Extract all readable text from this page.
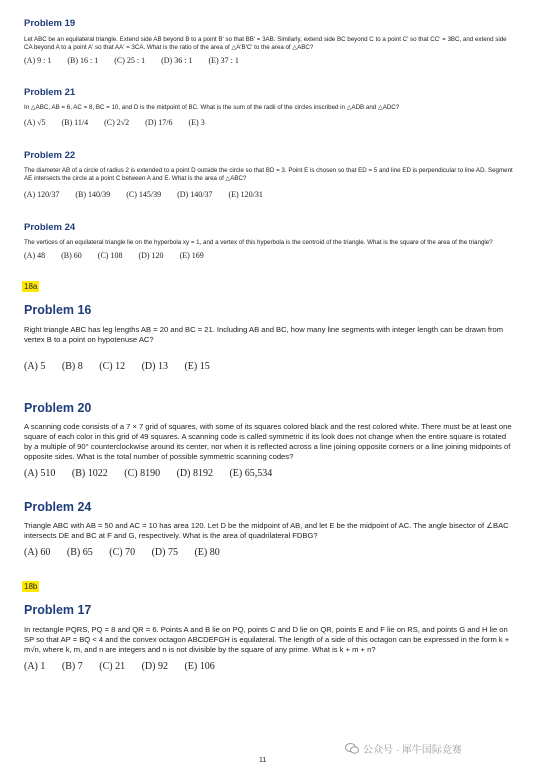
Problem 19
Let ABC be an equilateral triangle. Extend side AB beyond B to a point B′ so that BB′ = 3AB. Similarly, extend side BC beyond C to a point C′ so that CC′ = 3BC, and extend side CA beyond A to a point A′ so that AA′ = 3CA. What is the ratio of the area of △A′B′C′ to the area of △ABC?
(A) 9 : 1 (B) 16 : 1 (C) 25 : 1 (D) 36 : 1 (E) 37 : 1
Problem 21
In △ABC, AB = 6, AC = 8, BC = 10, and D is the midpoint of BC. What is the sum of the radii of the circles inscribed in △ADB and △ADC?
(A) √5 (B) 11/4 (C) 2√2 (D) 17/6 (E) 3
Problem 22
The diameter AB of a circle of radius 2 is extended to a point D outside the circle so that BD = 3. Point E is chosen so that ED = 5 and line ED is perpendicular to line AD. Segment AE intersects the circle at a point C between A and E. What is the area of △ABC?
(A) 120/37 (B) 140/39 (C) 145/39 (D) 140/37 (E) 120/31
Problem 24
The vertices of an equilateral triangle lie on the hyperbola xy = 1, and a vertex of this hyperbola is the centroid of the triangle. What is the square of the area of the triangle?
(A) 48 (B) 60 (C) 108 (D) 120 (E) 169
18a
Problem 16
Right triangle ABC has leg lengths AB = 20 and BC = 21. Including AB and BC, how many line segments with integer length can be drawn from vertex B to a point on hypotenuse AC?
(A) 5 (B) 8 (C) 12 (D) 13 (E) 15
Problem 20
A scanning code consists of a 7 × 7 grid of squares, with some of its squares colored black and the rest colored white. There must be at least one square of each color in this grid of 49 squares. A scanning code is called symmetric if its look does not change when the entire square is rotated by a multiple of 90° counterclockwise around its center, nor when it is reflected across a line joining opposite corners or a line joining midpoints of opposite sides. What is the total number of possible symmetric scanning codes?
(A) 510 (B) 1022 (C) 8190 (D) 8192 (E) 65,534
Problem 24
Triangle ABC with AB = 50 and AC = 10 has area 120. Let D be the midpoint of AB, and let E be the midpoint of AC. The angle bisector of ∠BAC intersects DE and BC at F and G, respectively. What is the area of quadrilateral FDBG?
(A) 60 (B) 65 (C) 70 (D) 75 (E) 80
18b
Problem 17
In rectangle PQRS, PQ = 8 and QR = 6. Points A and B lie on PQ, points C and D lie on QR, points E and F lie on RS, and points G and H lie on SP so that AP = BQ < 4 and the convex octagon ABCDEFGH is equilateral. The length of a side of this octagon can be expressed in the form k + m√n, where k, m, and n are integers and n is not divisible by the square of any prime. What is k + m + n?
(A) 1 (B) 7 (C) 21 (D) 92 (E) 106
公众号 · 犀牛国际竞赛
11
